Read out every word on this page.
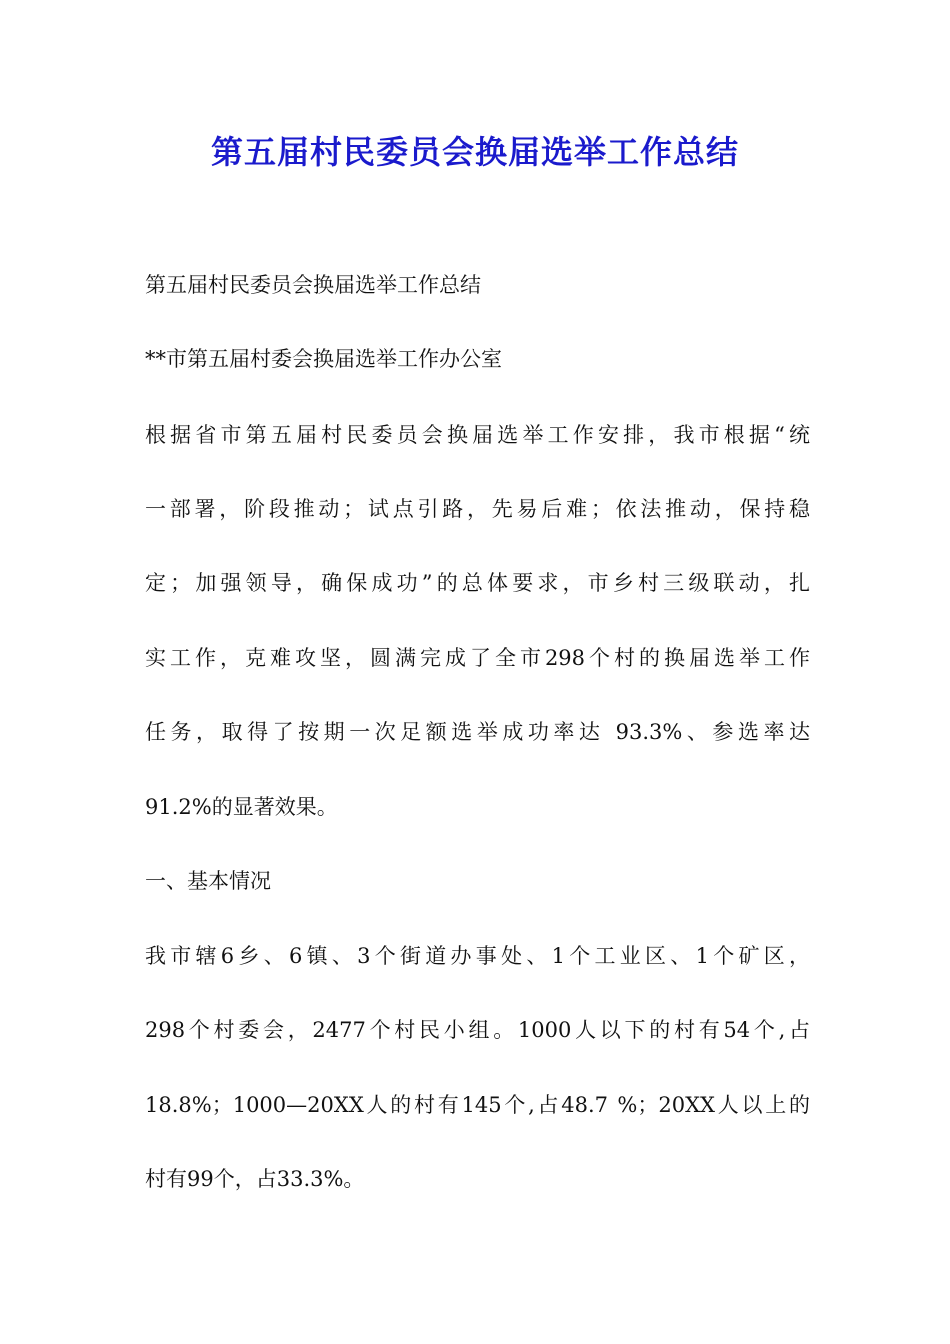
第五届村民委员会换届选举工作总结
第五届村民委员会换届选举工作总结
**市第五届村委会换届选举工作办公室
根据省市第五届村民委员会换届选举工作安排，我市根据“统
一部署，阶段推动；试点引路，先易后难；依法推动，保持稳
定；加强领导，确保成功”的总体要求，市乡村三级联动，扎
实工作，克难攻坚，圆满完成了全市298个村的换届选举工作
任务，取得了按期一次足额选举成功率达 93.3%、参选率达
91.2%的显著效果。
一、基本情况
我市辖6乡、6镇、3个街道办事处、1个工业区、1个矿区，
298个村委会，2477个村民小组。1000人以下的村有54个,占
18.8%；1000—20XX人的村有145个,占48.7 %；20XX人以上的
村有99个，占33.3%。
